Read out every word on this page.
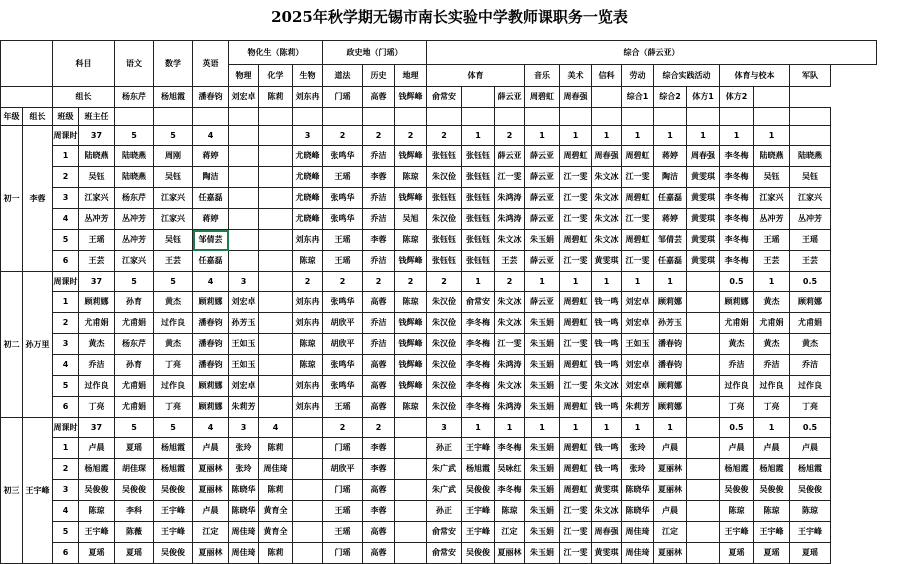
2025年秋学期无锡市南长实验中学教师课职务一览表
		科目		语文	数学	英语	物化生（陈莉）			政史地（门瑶）			综合（薛云亚）											
							物理	化学	生物	道法	历史	地理	体育			音乐	美术	信科	劳动	综合实践活动		体育与校本		军队
		组长		杨东芹	杨旭霞	潘春钧	刘宏卓	陈莉	刘东冉	门瑶	高蓉	钱辉峰	俞常安		薛云亚	周碧虹	周春强		综合1	综合2	体方1	体方2		
年级	组长	班级	班主任																					
初一	李蓉	周课时	37	5	5	4			3	2	2	2	2	1	2	1	1	1	1	1	1	1	1	
		1	陆晓燕	陆晓燕	周刚	蒋婷			尤晓峰	张鸣华	乔洁	钱辉峰	张钰钰	张钰钰	薛云亚	薛云亚	周碧虹	周春强	周碧虹	蒋婷	周春强	李冬梅	陆晓燕	陆晓燕
		2	吴钰	陆晓燕	吴钰	陶洁			尤晓峰	王瑶	李蓉	陈琼	朱汉俭	张钰钰	江一雯	薛云亚	江一雯	朱文冰	江一雯	陶洁	黄雯琪	李冬梅	吴钰	吴钰
		3	江家兴	杨东芹	江家兴	任嘉磊			尤晓峰	张鸣华	乔洁	钱辉峰	张钰钰	张钰钰	朱鸿涛	薛云亚	江一雯	朱文冰	周碧虹	任嘉磊	黄雯琪	李冬梅	江家兴	江家兴
		4	丛冲芳	丛冲芳	江家兴	蒋婷			尤晓峰	张鸣华	乔洁	吴旭	朱汉俭	张钰钰	朱鸿涛	薛云亚	江一雯	朱文冰	江一雯	蒋婷	黄雯琪	李冬梅	丛冲芳	丛冲芳
		5	王瑶	丛冲芳	吴钰	邹倩芸			刘东冉	王瑶	李蓉	陈琼	张钰钰	张钰钰	朱文冰	朱玉娟	周碧虹	朱文冰	周碧虹	邹倩芸	黄雯琪	李冬梅	王瑶	王瑶
		6	王芸	江家兴	王芸	任嘉磊			陈琼	王瑶	乔洁	钱辉峰	张钰钰	张钰钰	王芸	薛云亚	江一雯	黄雯琪	江一雯	任嘉磊	黄雯琪	李冬梅	王芸	王芸
初二	孙万里	周课时	37	5	5	4	3		2	2	2	2	2	1	2	1	1	1	1	1		0.5	1	0.5
		1	顾莉娜	孙育	黄杰	顾莉娜	刘宏卓		刘东冉	张鸣华	高蓉	陈琼	朱汉俭	俞常安	朱文冰	薛云亚	周碧虹	钱一鸣	刘宏卓	顾莉娜		顾莉娜	黄杰	顾莉娜
		2	尤甫娟	尤甫娟	过作良	潘春钧	孙芳玉		刘东冉	胡欣平	乔洁	钱辉峰	朱汉俭	李冬梅	朱文冰	朱玉娟	周碧虹	钱一鸣	刘宏卓	孙芳玉		尤甫娟	尤甫娟	尤甫娟
		3	黄杰	杨东芹	黄杰	潘春钧	王如玉		陈琼	胡欣平	乔洁	钱辉峰	朱汉俭	李冬梅	江一雯	朱玉娟	江一雯	钱一鸣	王如玉	潘春钧		黄杰	黄杰	黄杰
		4	乔洁	孙育	丁亮	潘春钧	王如玉		陈琼	张鸣华	高蓉	钱辉峰	朱汉俭	李冬梅	朱鸿涛	朱玉娟	周碧虹	钱一鸣	刘宏卓	潘春钧		乔洁	乔洁	乔洁
		5	过作良	尤甫娟	过作良	顾莉娜	刘宏卓		刘东冉	张鸣华	高蓉	钱辉峰	朱汉俭	李冬梅	朱文冰	朱玉娟	江一雯	朱文冰	刘宏卓	顾莉娜		过作良	过作良	过作良
		6	丁亮	尤甫娟	丁亮	顾莉娜	朱莉芳		刘东冉	王瑶	高蓉	陈琼	朱汉俭	李冬梅	朱鸿涛	朱玉娟	周碧虹	钱一鸣	朱莉芳	顾莉娜		丁亮	丁亮	丁亮
初三	王宇峰	周课时	37	5	5	4	3	4		2	2		3	1	1	1	1	1	1	1		0.5	1	0.5
		1	卢晨	夏瑶	杨旭霞	卢晨	张玲	陈莉		门瑶	李蓉		孙正	王宇峰	李冬梅	朱玉娟	周碧虹	钱一鸣	张玲	卢晨		卢晨	卢晨	卢晨
		2	杨旭霞	胡佳琛	杨旭霞	夏丽林	张玲	周佳琦		胡欣平	李蓉		朱广武	杨旭霞	吴咏红	朱玉娟	周碧虹	钱一鸣	张玲	夏丽林		杨旭霞	杨旭霞	杨旭霞
		3	吴俊俊	吴俊俊	吴俊俊	夏丽林	陈晓华	陈莉		门瑶	高蓉		朱广武	吴俊俊	李冬梅	朱玉娟	周碧虹	黄雯琪	陈晓华	夏丽林		吴俊俊	吴俊俊	吴俊俊
		4	陈琼	李科	王宇峰	卢晨	陈晓华	黄育全		王瑶	李蓉		孙正	王宇峰	陈琼	朱玉娟	江一雯	朱文冰	陈晓华	卢晨		陈琼	陈琼	陈琼
		5	王宇峰	陈薇	王宇峰	江定	周佳琦	黄育全		王瑶	高蓉		俞常安	王宇峰	江定	朱玉娟	江一雯	周春强	周佳琦	江定		王宇峰	王宇峰	王宇峰
		6	夏瑶	夏瑶	吴俊俊	夏丽林	周佳琦	陈莉		门瑶	高蓉		俞常安	吴俊俊	夏丽林	朱玉娟	江一雯	黄雯琪	周佳琦	夏丽林		夏瑶	夏瑶	夏瑶
